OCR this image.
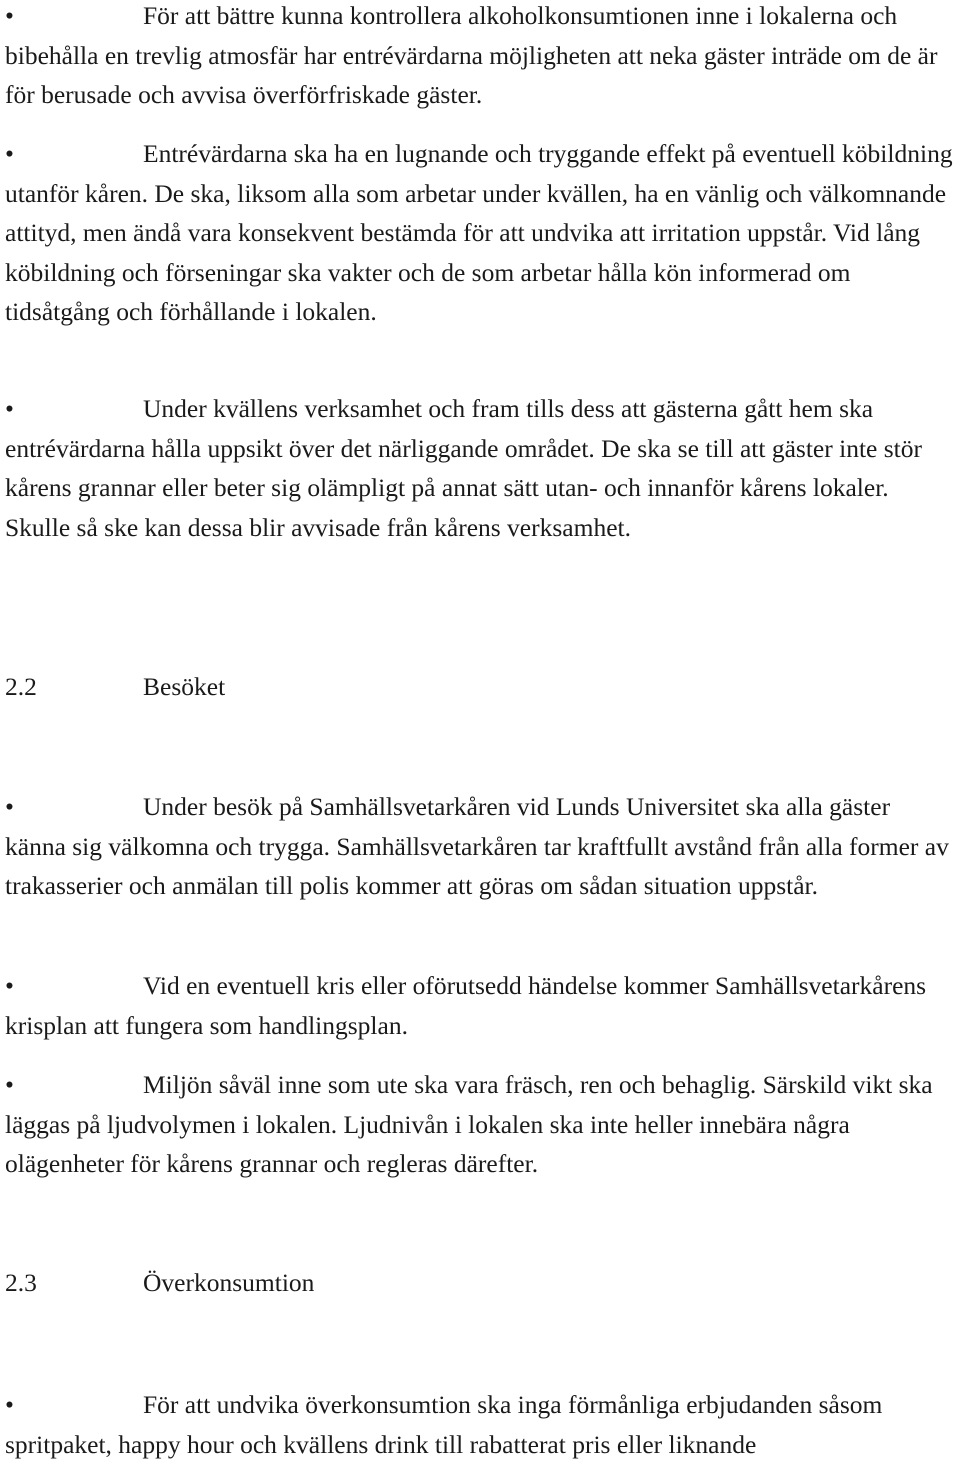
•	För att bättre kunna kontrollera alkoholkonsumtionen inne i lokalerna och bibehålla en trevlig atmosfär har entrévärdarna möjligheten att neka gäster inträde om de är för berusade och avvisa överförfriskade gäster.

•	Entrévärdarna ska ha en lugnande och tryggande effekt på eventuell köbildning utanför kåren. De ska, liksom alla som arbetar under kvällen, ha en vänlig och välkomnande attityd, men ändå vara konsekvent bestämda för att undvika att irritation uppstår. Vid lång köbildning och förseningar ska vakter och de som arbetar hålla kön informerad om tidsåtgång och förhållande i lokalen.

•	Under kvällens verksamhet och fram tills dess att gästerna gått hem ska entrévärdarna hålla uppsikt över det närliggande området. De ska se till att gäster inte stör kårens grannar eller beter sig olämpligt på annat sätt utan- och innanför kårens lokaler. Skulle så ske kan dessa blir avvisade från kårens verksamhet.

2.2	Besöket

•	Under besök på Samhällsvetarkåren vid Lunds Universitet ska alla gäster känna sig välkomna och trygga. Samhällsvetarkåren tar kraftfullt avstånd från alla former av trakasserier och anmälan till polis kommer att göras om sådan situation uppstår.

•	Vid en eventuell kris eller oförutsedd händelse kommer Samhällsvetarkårens krisplan att fungera som handlingsplan.

•	Miljön såväl inne som ute ska vara fräsch, ren och behaglig. Särskild vikt ska läggas på ljudvolymen i lokalen. Ljudnivån i lokalen ska inte heller innebära några olägenheter för kårens grannar och regleras därefter.

2.3	Överkonsumtion

•	För att undvika överkonsumtion ska inga förmånliga erbjudanden såsom spritpaket, happy hour och kvällens drink till rabatterat pris eller liknande
